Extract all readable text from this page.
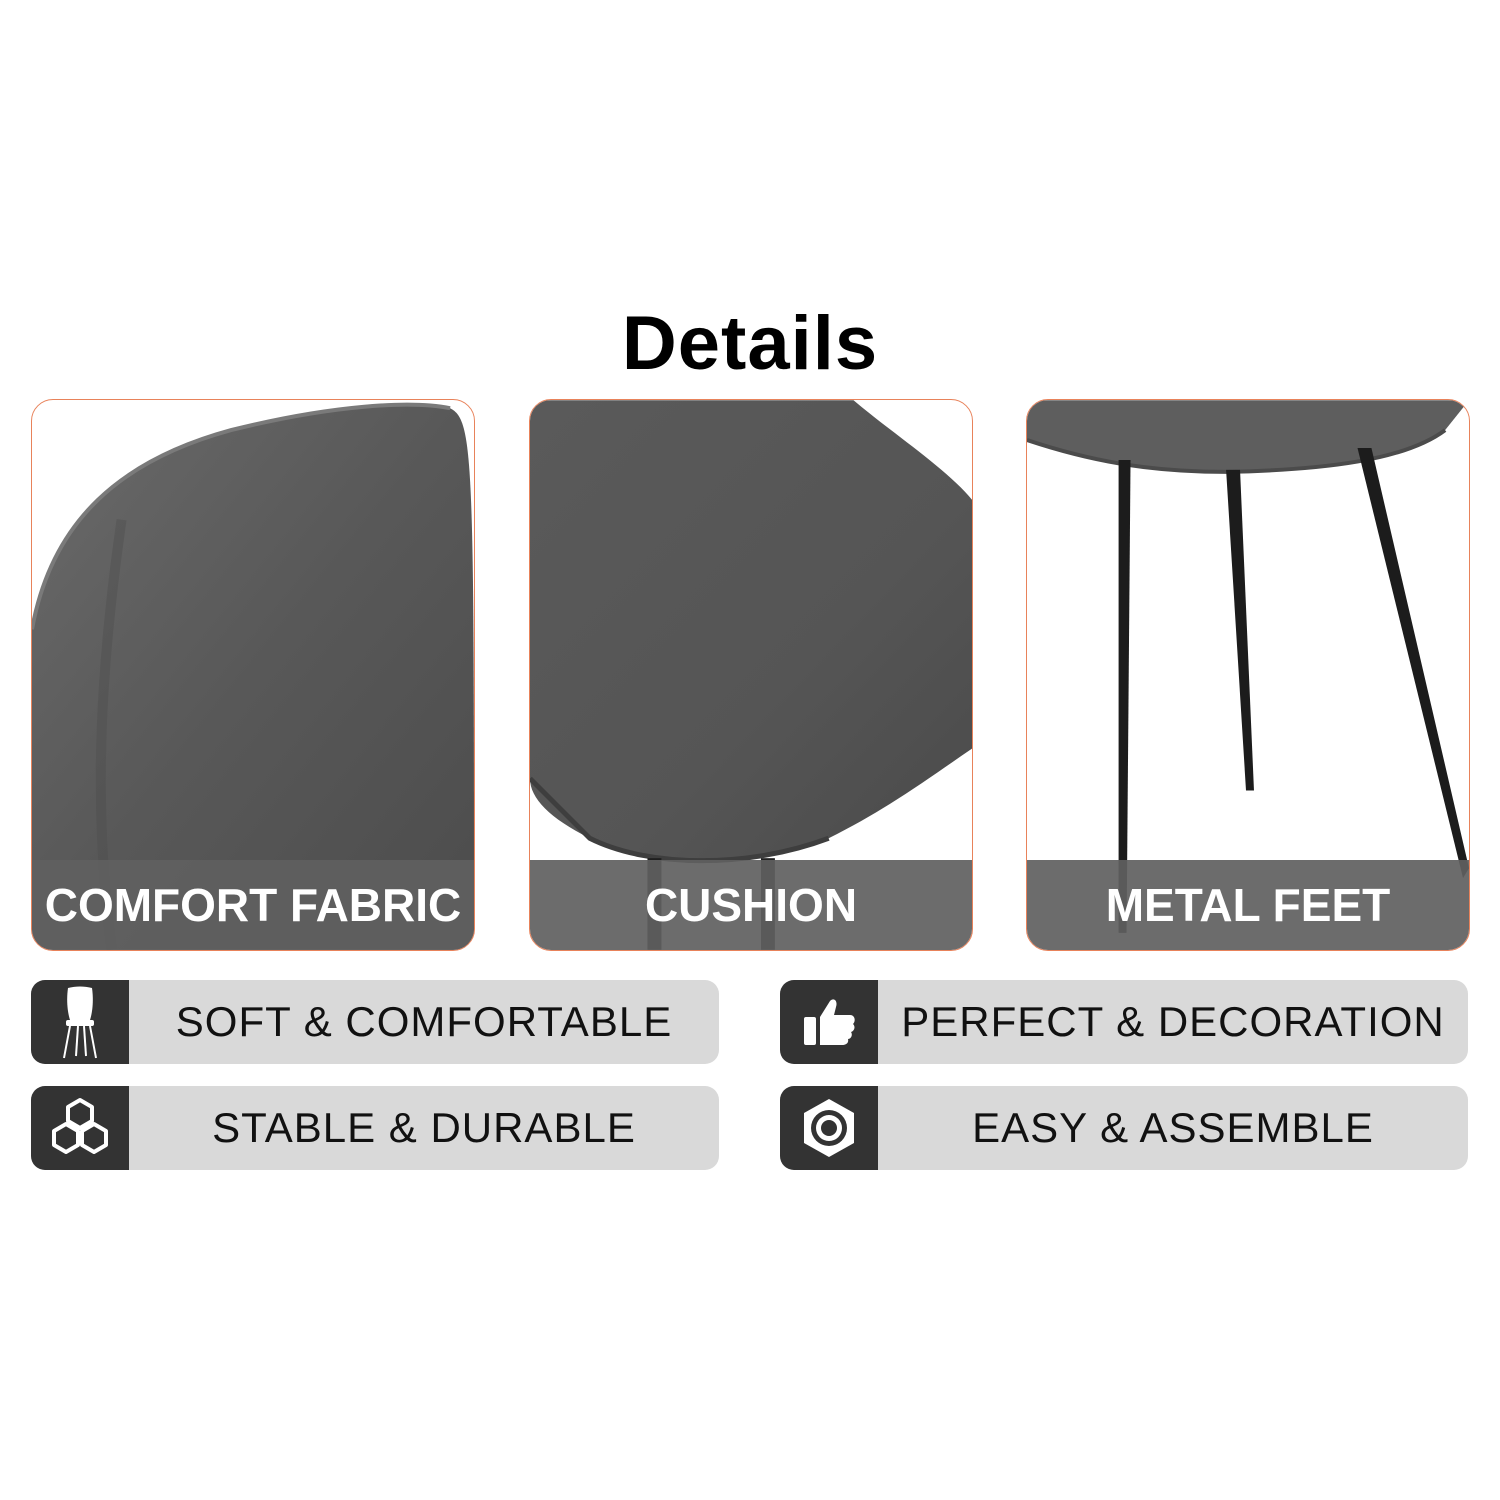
Details
COMFORT FABRIC	CUSHION	METAL FEET
SOFT & COMFORTABLE	PERFECT & DECORATION
STABLE & DURABLE	EASY & ASSEMBLE
